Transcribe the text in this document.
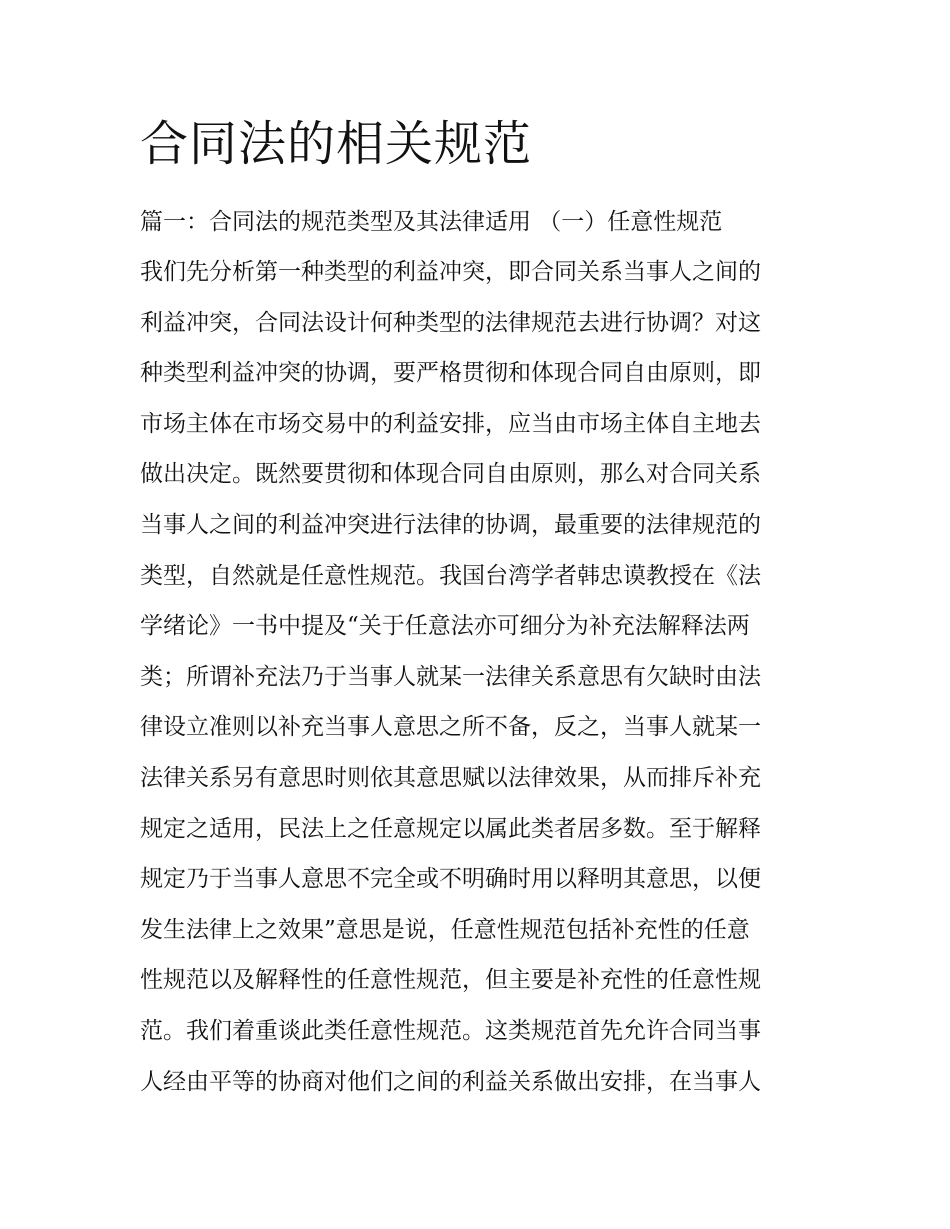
合同法的相关规范

篇一：合同法的规范类型及其法律适用 （一）任意性规范

我们先分析第一种类型的利益冲突，即合同关系当事人之间的
利益冲突，合同法设计何种类型的法律规范去进行协调？对这
种类型利益冲突的协调，要严格贯彻和体现合同自由原则，即
市场主体在市场交易中的利益安排，应当由市场主体自主地去
做出决定。既然要贯彻和体现合同自由原则，那么对合同关系
当事人之间的利益冲突进行法律的协调，最重要的法律规范的
类型，自然就是任意性规范。我国台湾学者韩忠谟教授在《法
学绪论》一书中提及“关于任意法亦可细分为补充法解释法两
类；所谓补充法乃于当事人就某一法律关系意思有欠缺时由法
律设立准则以补充当事人意思之所不备，反之，当事人就某一
法律关系另有意思时则依其意思赋以法律效果，从而排斥补充
规定之适用，民法上之任意规定以属此类者居多数。至于解释
规定乃于当事人意思不完全或不明确时用以释明其意思，以便
发生法律上之效果”意思是说，任意性规范包括补充性的任意
性规范以及解释性的任意性规范，但主要是补充性的任意性规
范。我们着重谈此类任意性规范。这类规范首先允许合同当事
人经由平等的协商对他们之间的利益关系做出安排，在当事人
